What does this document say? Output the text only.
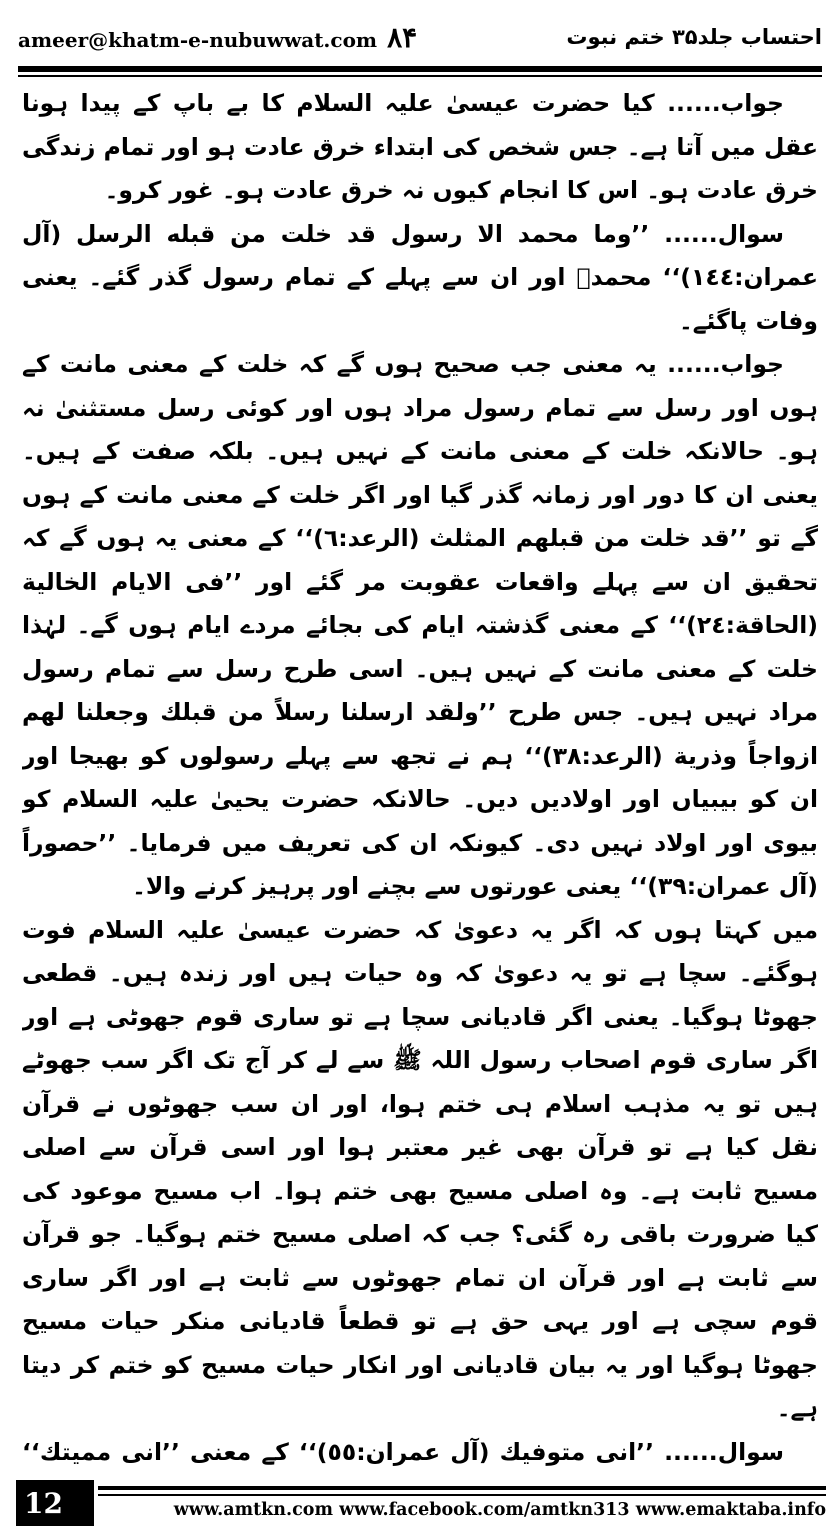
ameer@khatm-e-nubuwwat.com ۸۴	احتساب جلد۳۵ ختم نبوت

جواب...... کیا حضرت عیسیٰ علیہ السلام کا بے باپ کے پیدا ہونا عقل میں آتا ہے۔ جس شخص کی ابتداء خرق عادت ہو اور تمام زندگی خرق عادت ہو۔ اس کا انجام کیوں نہ خرق عادت ہو۔ غور کرو۔

سوال...... ’’وما محمد الا رسول قد خلت من قبله الرسل (آل عمران:١٤٤)‘‘ محمدؐ اور ان سے پہلے کے تمام رسول گذر گئے۔ یعنی وفات پاگئے۔

جواب...... یہ معنی جب صحیح ہوں گے کہ خلت کے معنی مانت کے ہوں اور رسل سے تمام رسول مراد ہوں اور کوئی رسل مستثنیٰ نہ ہو۔ حالانکہ خلت کے معنی مانت کے نہیں ہیں۔ بلکہ صفت کے ہیں۔ یعنی ان کا دور اور زمانہ گذر گیا اور اگر خلت کے معنی مانت کے ہوں گے تو ’’قد خلت من قبلهم المثلث (الرعد:٦)‘‘ کے معنی یہ ہوں گے کہ تحقیق ان سے پہلے واقعات عقوبت مر گئے اور ’’فی الایام الخالیة (الحاقة:٢٤)‘‘ کے معنی گذشتہ ایام کی بجائے مردے ایام ہوں گے۔ لہٰذا خلت کے معنی مانت کے نہیں ہیں۔ اسی طرح رسل سے تمام رسول مراد نہیں ہیں۔ جس طرح ’’ولقد ارسلنا رسلاً من قبلك وجعلنا لهم ازواجاً وذرية (الرعد:٣٨)‘‘ ہم نے تجھ سے پہلے رسولوں کو بھیجا اور ان کو بیبیاں اور اولادیں دیں۔ حالانکہ حضرت یحییٰ علیہ السلام کو بیوی اور اولاد نہیں دی۔ کیونکہ ان کی تعریف میں فرمایا۔ ’’حصوراً (آل عمران:٣٩)‘‘ یعنی عورتوں سے بچنے اور پرہیز کرنے والا۔

میں کہتا ہوں کہ اگر یہ دعویٰ کہ حضرت عیسیٰ علیہ السلام فوت ہوگئے۔ سچا ہے تو یہ دعویٰ کہ وہ حیات ہیں اور زندہ ہیں۔ قطعی جھوٹا ہوگیا۔ یعنی اگر قادیانی سچا ہے تو ساری قوم جھوٹی ہے اور اگر ساری قوم اصحاب رسول اللہ ﷺ سے لے کر آج تک اگر سب جھوٹے ہیں تو یہ مذہب اسلام ہی ختم ہوا، اور ان سب جھوٹوں نے قرآن نقل کیا ہے تو قرآن بھی غیر معتبر ہوا اور اسی قرآن سے اصلی مسیح ثابت ہے۔ وہ اصلی مسیح بھی ختم ہوا۔ اب مسیح موعود کی کیا ضرورت باقی رہ گئی؟ جب کہ اصلی مسیح ختم ہوگیا۔ جو قرآن سے ثابت ہے اور قرآن ان تمام جھوٹوں سے ثابت ہے اور اگر ساری قوم سچی ہے اور یہی حق ہے تو قطعاً قادیانی منکر حیات مسیح جھوٹا ہوگیا اور یہ بیان قادیانی اور انکار حیات مسیح کو ختم کر دیتا ہے۔

سوال...... ’’انی متوفيك (آل عمران:٥٥)‘‘ کے معنی ’’انی مميتك‘‘

12	www.amtkn.com www.facebook.com/amtkn313 www.emaktaba.info
